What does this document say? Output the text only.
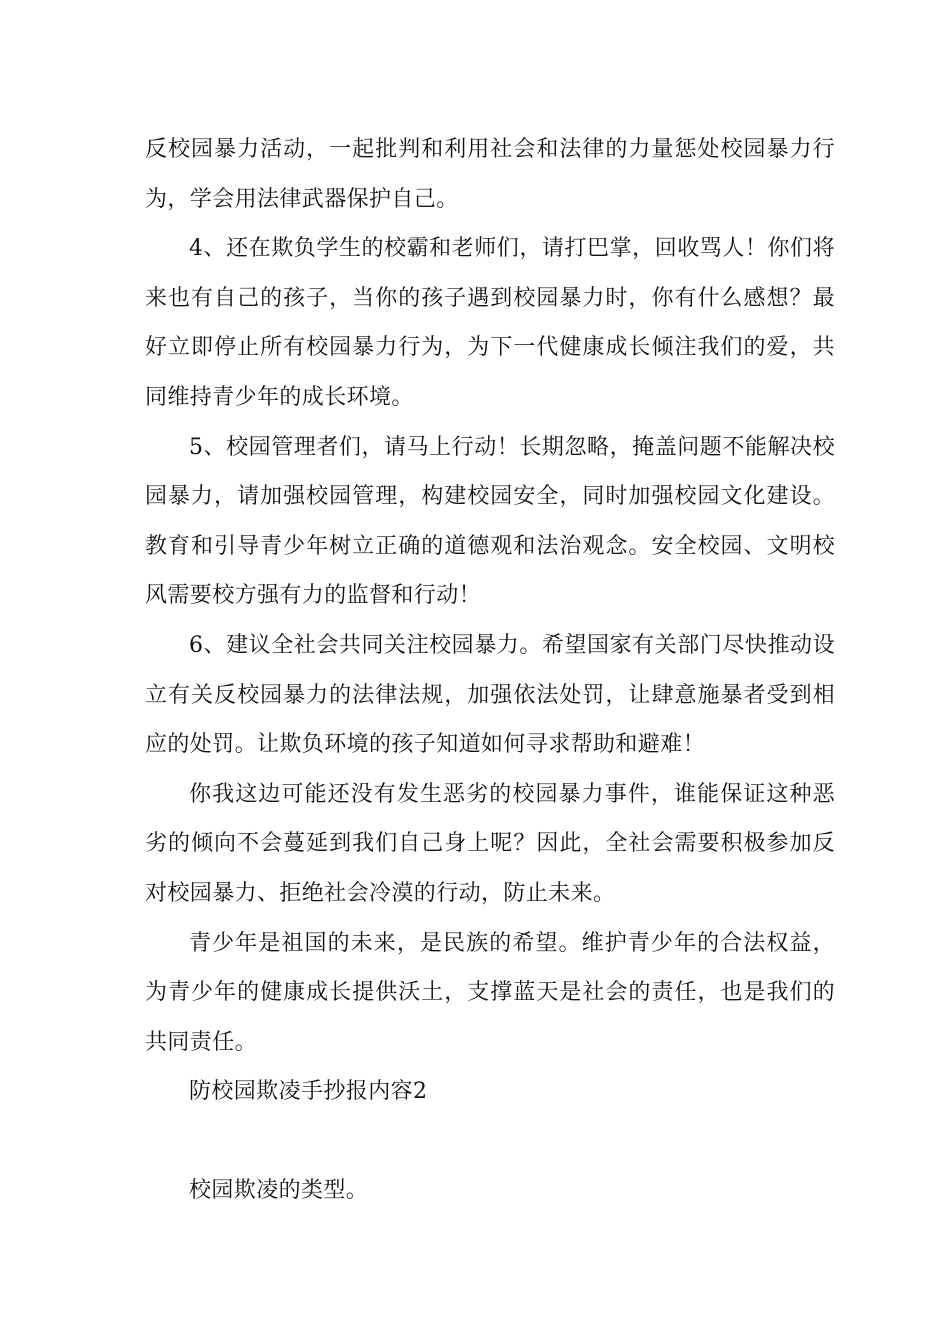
反校园暴力活动，一起批判和利用社会和法律的力量惩处校园暴力行为，学会用法律武器保护自己。

4、还在欺负学生的校霸和老师们，请打巴掌，回收骂人！你们将来也有自己的孩子，当你的孩子遇到校园暴力时，你有什么感想？最好立即停止所有校园暴力行为，为下一代健康成长倾注我们的爱，共同维持青少年的成长环境。

5、校园管理者们，请马上行动！长期忽略，掩盖问题不能解决校园暴力，请加强校园管理，构建校园安全，同时加强校园文化建设。教育和引导青少年树立正确的道德观和法治观念。安全校园、文明校风需要校方强有力的监督和行动！

6、建议全社会共同关注校园暴力。希望国家有关部门尽快推动设立有关反校园暴力的法律法规，加强依法处罚，让肆意施暴者受到相应的处罚。让欺负环境的孩子知道如何寻求帮助和避难！

你我这边可能还没有发生恶劣的校园暴力事件，谁能保证这种恶劣的倾向不会蔓延到我们自己身上呢？因此，全社会需要积极参加反对校园暴力、拒绝社会冷漠的行动，防止未来。

青少年是祖国的未来，是民族的希望。维护青少年的合法权益，为青少年的健康成长提供沃土，支撑蓝天是社会的责任，也是我们的共同责任。

防校园欺凌手抄报内容2

校园欺凌的类型。
